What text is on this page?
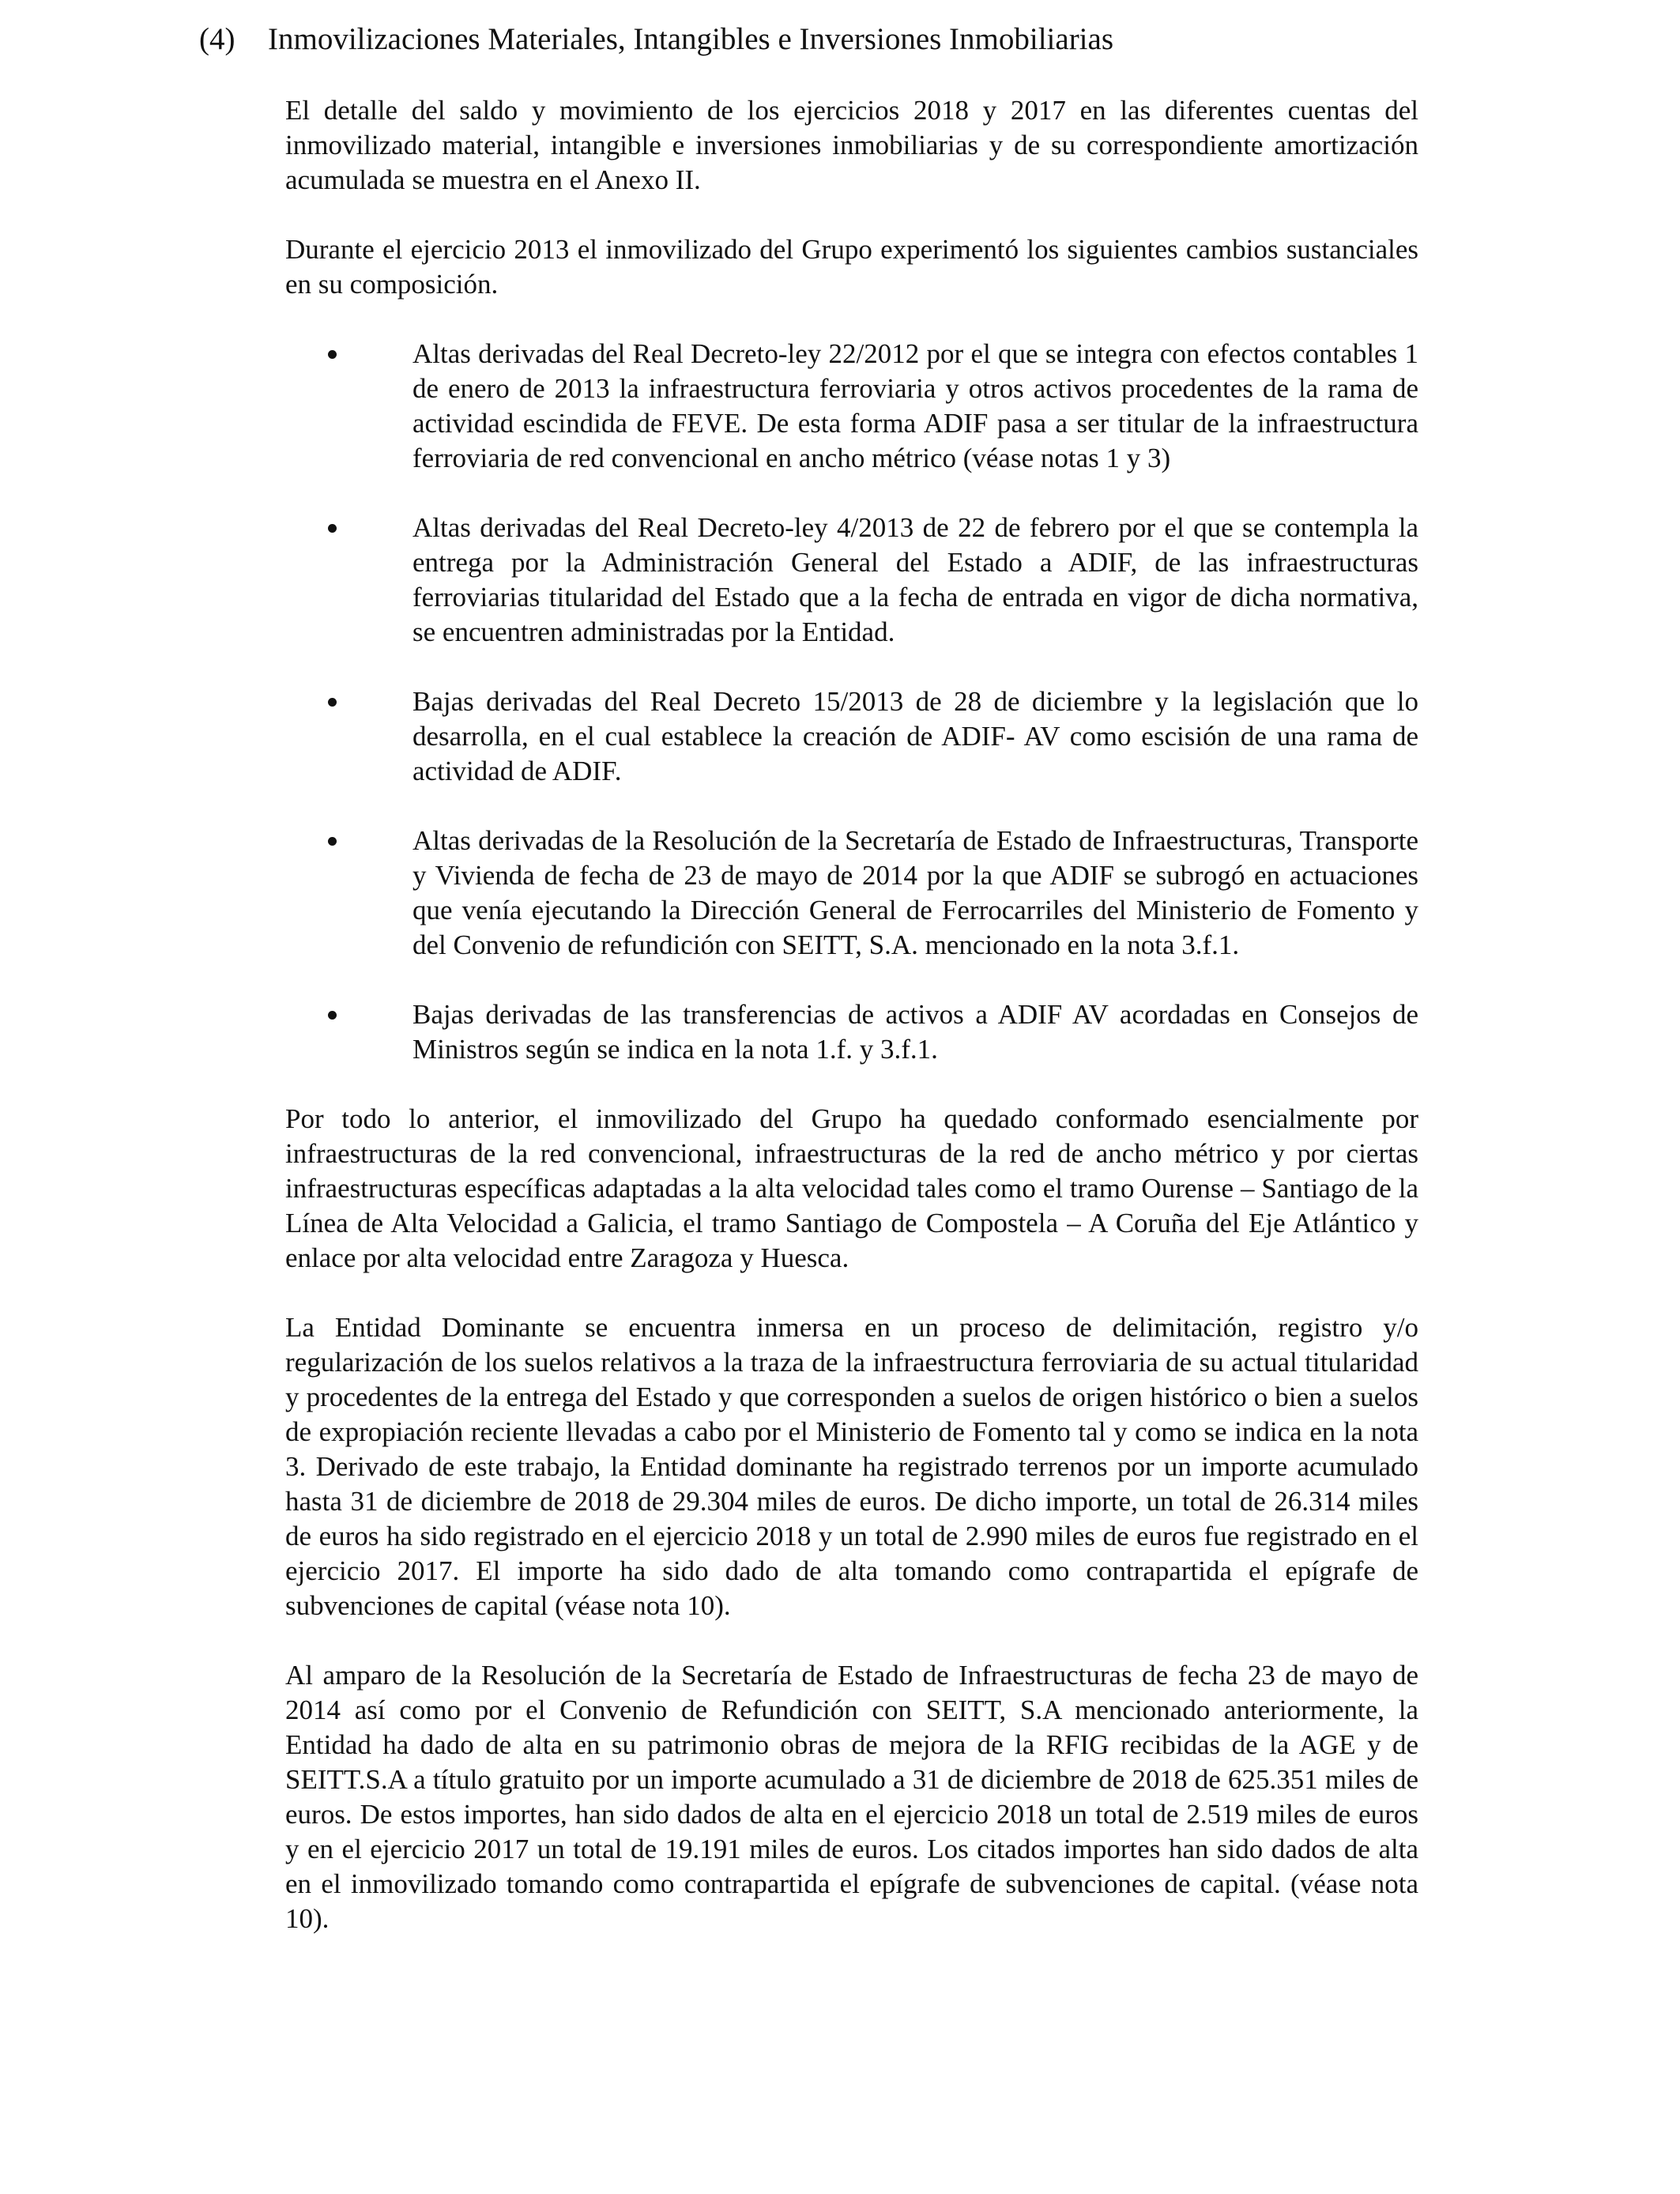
(4) Inmovilizaciones Materiales, Intangibles e Inversiones Inmobiliarias

El detalle del saldo y movimiento de los ejercicios 2018 y 2017 en las diferentes cuentas del inmovilizado material, intangible e inversiones inmobiliarias y de su correspondiente amortización acumulada se muestra en el Anexo II.

Durante el ejercicio 2013 el inmovilizado del Grupo experimentó los siguientes cambios sustanciales en su composición.

Altas derivadas del Real Decreto-ley 22/2012 por el que se integra con efectos contables 1 de enero de 2013 la infraestructura ferroviaria y otros activos procedentes de la rama de actividad escindida de FEVE. De esta forma ADIF pasa a ser titular de la infraestructura ferroviaria de red convencional en ancho métrico (véase notas 1 y 3)
Altas derivadas del Real Decreto-ley 4/2013 de 22 de febrero por el que se contempla la entrega por la Administración General del Estado a ADIF, de las infraestructuras ferroviarias titularidad del Estado que a la fecha de entrada en vigor de dicha normativa, se encuentren administradas por la Entidad.
Bajas derivadas del Real Decreto 15/2013 de 28 de diciembre y la legislación que lo desarrolla, en el cual establece la creación de ADIF- AV como escisión de una rama de actividad de ADIF.
Altas derivadas de la Resolución de la Secretaría de Estado de Infraestructuras, Transporte y Vivienda de fecha de 23 de mayo de 2014 por la que ADIF se subrogó en actuaciones que venía ejecutando la Dirección General de Ferrocarriles del Ministerio de Fomento y del Convenio de refundición con SEITT, S.A. mencionado en la nota 3.f.1.
Bajas derivadas de las transferencias de activos a ADIF AV acordadas en Consejos de Ministros según se indica en la nota 1.f. y 3.f.1.

Por todo lo anterior, el inmovilizado del Grupo ha quedado conformado esencialmente por infraestructuras de la red convencional, infraestructuras de la red de ancho métrico y por ciertas infraestructuras específicas adaptadas a la alta velocidad tales como el tramo Ourense – Santiago de la Línea de Alta Velocidad a Galicia, el tramo Santiago de Compostela – A Coruña del Eje Atlántico y enlace por alta velocidad entre Zaragoza y Huesca.

La Entidad Dominante se encuentra inmersa en un proceso de delimitación, registro y/o regularización de los suelos relativos a la traza de la infraestructura ferroviaria de su actual titularidad y procedentes de la entrega del Estado y que corresponden a suelos de origen histórico o bien a suelos de expropiación reciente llevadas a cabo por el Ministerio de Fomento tal y como se indica en la nota 3. Derivado de este trabajo, la Entidad dominante ha registrado terrenos por un importe acumulado hasta 31 de diciembre de 2018 de 29.304 miles de euros. De dicho importe, un total de 26.314 miles de euros ha sido registrado en el ejercicio 2018 y un total de 2.990 miles de euros fue registrado en el ejercicio 2017. El importe ha sido dado de alta tomando como contrapartida el epígrafe de subvenciones de capital (véase nota 10).

Al amparo de la Resolución de la Secretaría de Estado de Infraestructuras de fecha 23 de mayo de 2014 así como por el Convenio de Refundición con SEITT, S.A mencionado anteriormente, la Entidad ha dado de alta en su patrimonio obras de mejora de la RFIG recibidas de la AGE y de SEITT.S.A a título gratuito por un importe acumulado a 31 de diciembre de 2018 de 625.351 miles de euros. De estos importes, han sido dados de alta en el ejercicio 2018 un total de 2.519 miles de euros y en el ejercicio 2017 un total de 19.191 miles de euros. Los citados importes han sido dados de alta en el inmovilizado tomando como contrapartida el epígrafe de subvenciones de capital. (véase nota 10).
